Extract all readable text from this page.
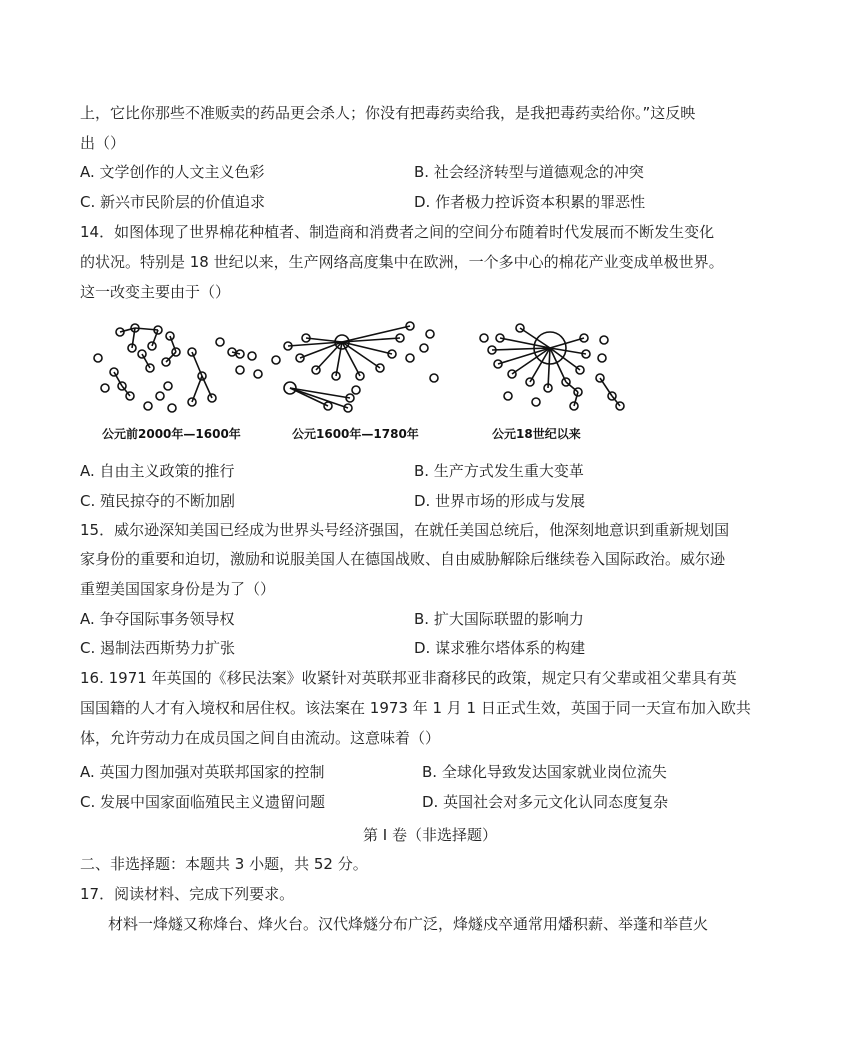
上，它比你那些不准贩卖的药品更会杀人；你没有把毒药卖给我，是我把毒药卖给你。”这反映
出（）
A. 文学创作的人文主义色彩	B. 社会经济转型与道德观念的冲突
C. 新兴市民阶层的价值追求	D. 作者极力控诉资本积累的罪恶性
14．如图体现了世界棉花种植者、制造商和消费者之间的空间分布随着时代发展而不断发生变化
的状况。特别是 18 世纪以来，生产网络高度集中在欧洲，一个多中心的棉花产业变成单极世界。
这一改变主要由于（）
公元前2000年—1600年	公元1600年—1780年	公元18世纪以来
A. 自由主义政策的推行	B. 生产方式发生重大变革
C. 殖民掠夺的不断加剧	D. 世界市场的形成与发展
15．威尔逊深知美国已经成为世界头号经济强国，在就任美国总统后，他深刻地意识到重新规划国
家身份的重要和迫切，激励和说服美国人在德国战败、自由威胁解除后继续卷入国际政治。威尔逊
重塑美国国家身份是为了（）
A. 争夺国际事务领导权	B. 扩大国际联盟的影响力
C. 遏制法西斯势力扩张	D. 谋求雅尔塔体系的构建
16. 1971 年英国的《移民法案》收紧针对英联邦亚非裔移民的政策，规定只有父辈或祖父辈具有英
国国籍的人才有入境权和居住权。该法案在 1973 年 1 月 1 日正式生效，英国于同一天宣布加入欧共
体，允许劳动力在成员国之间自由流动。这意味着（）
A. 英国力图加强对英联邦国家的控制	B. 全球化导致发达国家就业岗位流失
C. 发展中国家面临殖民主义遗留问题	D. 英国社会对多元文化认同态度复杂
第 I 卷（非选择题）
二、非选择题：本题共 3 小题，共 52 分。
17．阅读材料、完成下列要求。
材料一烽燧又称烽台、烽火台。汉代烽燧分布广泛，烽燧戍卒通常用燔积薪、举蓬和举苣火
